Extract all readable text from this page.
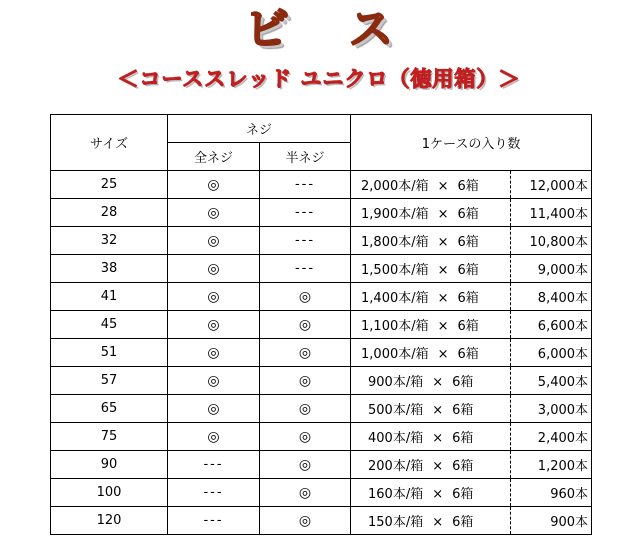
ビス
＜コーススレッド ユニクロ（徳用箱）＞
サイズ	ネジ		1ケースの入り数	
	全ネジ	半ネジ		
25	◎	---	2,000本/箱 × 6箱	12,000本
28	◎	---	1,900本/箱 × 6箱	11,400本
32	◎	---	1,800本/箱 × 6箱	10,800本
38	◎	---	1,500本/箱 × 6箱	9,000本
41	◎	◎	1,400本/箱 × 6箱	8,400本
45	◎	◎	1,100本/箱 × 6箱	6,600本
51	◎	◎	1,000本/箱 × 6箱	6,000本
57	◎	◎	900本/箱 × 6箱	5,400本
65	◎	◎	500本/箱 × 6箱	3,000本
75	◎	◎	400本/箱 × 6箱	2,400本
90	---	◎	200本/箱 × 6箱	1,200本
100	---	◎	160本/箱 × 6箱	960本
120	---	◎	150本/箱 × 6箱	900本
